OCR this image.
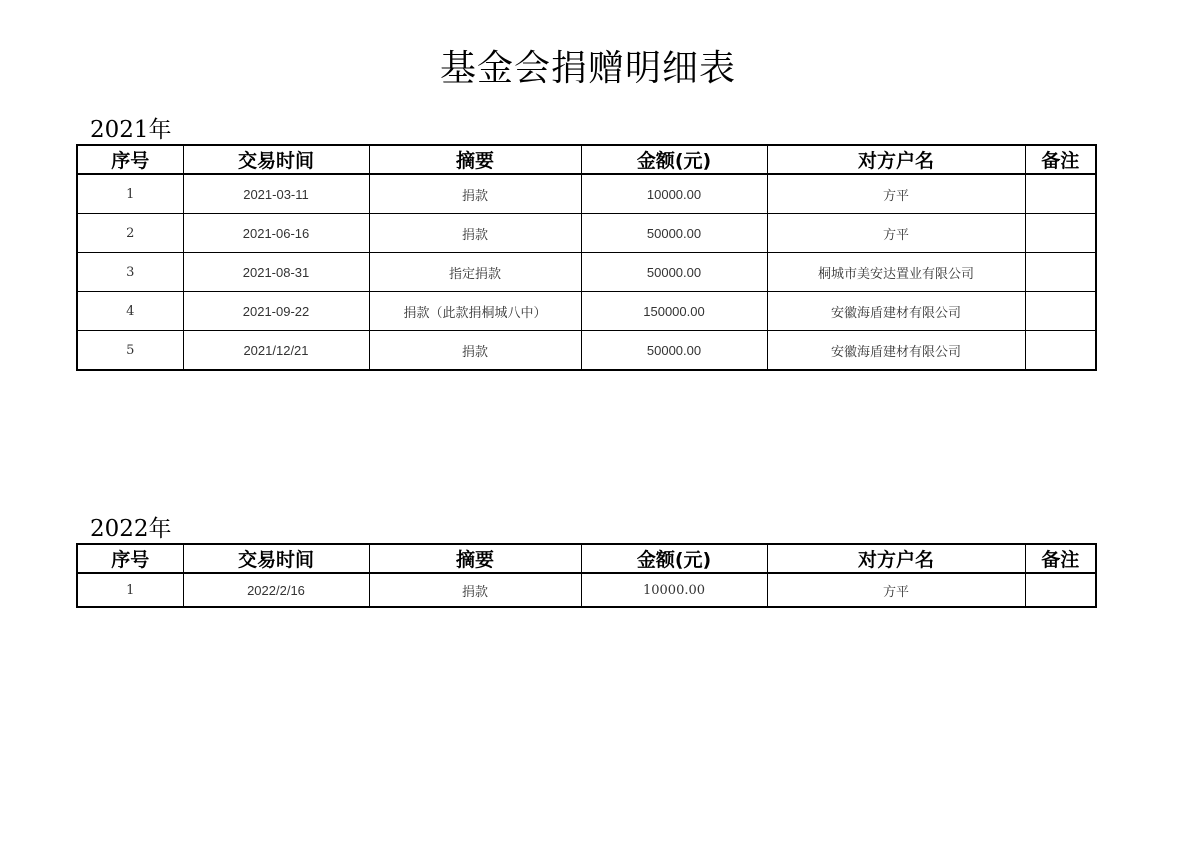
基金会捐赠明细表
2021年
序号	交易时间	摘要	金额(元)	对方户名	备注
1	2021-03-11	捐款	10000.00	方平	
2	2021-06-16	捐款	50000.00	方平	
3	2021-08-31	指定捐款	50000.00	桐城市美安达置业有限公司	
4	2021-09-22	捐款（此款捐桐城八中）	150000.00	安徽海盾建材有限公司	
5	2021/12/21	捐款	50000.00	安徽海盾建材有限公司	
2022年
序号	交易时间	摘要	金额(元)	对方户名	备注
1	2022/2/16	捐款	10000.00	方平	
